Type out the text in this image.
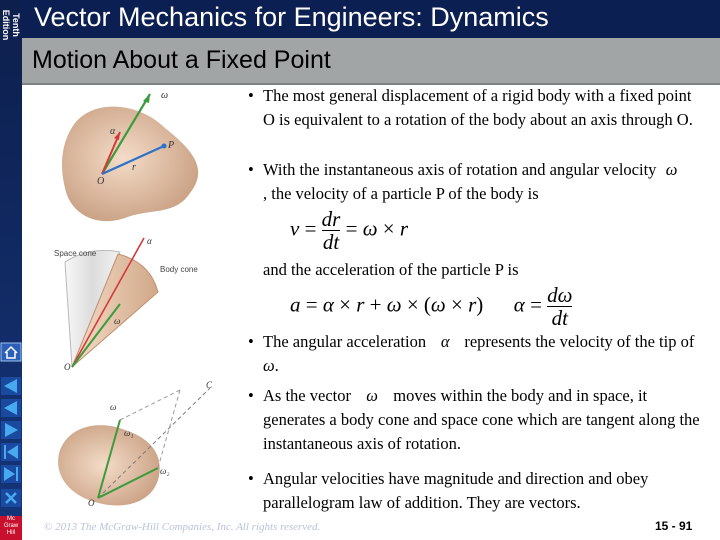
Tenth Edition
Mc Graw Hill
Vector Mechanics for Engineers: Dynamics
Motion About a Fixed Point
ω
α
P
r
O
Space cone
Body cone
α
ω
O
ω
ω₁
ω₂
C
O
• The most general displacement of a rigid body with a fixed point O is equivalent to a rotation of the body about an axis through O.
• With the instantaneous axis of rotation and angular velocity ω, the velocity of a particle P of the body is
$v = \frac{dr}{dt} = \omega \times r$
and the acceleration of the particle P is
a = α × r + ω × (ω × r) $\alpha = \frac{d\omega}{dt}$
• The angular acceleration α represents the velocity of the tip of ω.
• As the vector ω moves within the body and in space, it generates a body cone and space cone which are tangent along the instantaneous axis of rotation.
• Angular velocities have magnitude and direction and obey parallelogram law of addition. They are vectors.
© 2013 The McGraw-Hill Companies, Inc. All rights reserved.	15 - 91
